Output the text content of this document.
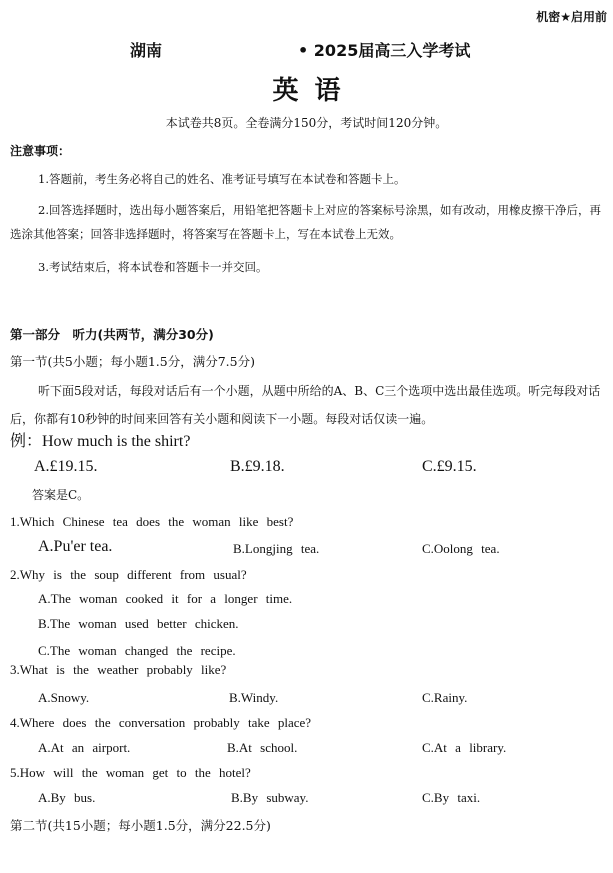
机密★启用前
湖南	• 2025届高三入学考试
英语
本试卷共8页。全卷满分150分，考试时间120分钟。
注意事项：
1.答题前，考生务必将自己的姓名、准考证号填写在本试卷和答题卡上。
2.回答选择题时，选出每小题答案后，用铅笔把答题卡上对应的答案标号涂黑，如有改动，用橡皮擦干净后，再选涂其他答案；回答非选择题时，将答案写在答题卡上，写在本试卷上无效。
3.考试结束后，将本试卷和答题卡一并交回。
第一部分　听力(共两节，满分30分)
第一节(共5小题；每小题1.5分，满分7.5分)
听下面5段对话，每段对话后有一个小题，从题中所给的A、B、C三个选项中选出最佳选项。听完每段对话后，你都有10秒钟的时间来回答有关小题和阅读下一小题。每段对话仅读一遍。
例：How much is the shirt?
A.£19.15.	B.£9.18.	C.£9.15.
答案是C。
1.Which Chinese tea does the woman like best?
A.Pu'er tea.	B.Longjing tea.	C.Oolong tea.
2.Why is the soup different from usual?
A.The woman cooked it for a longer time.
B.The woman used better chicken.
C.The woman changed the recipe.
3.What is the weather probably like?
A.Snowy.	B.Windy.	C.Rainy.
4.Where does the conversation probably take place?
A.At an airport.	B.At school.	C.At a library.
5.How will the woman get to the hotel?
A.By bus.	B.By subway.	C.By taxi.
第二节(共15小题；每小题1.5分，满分22.5分)
